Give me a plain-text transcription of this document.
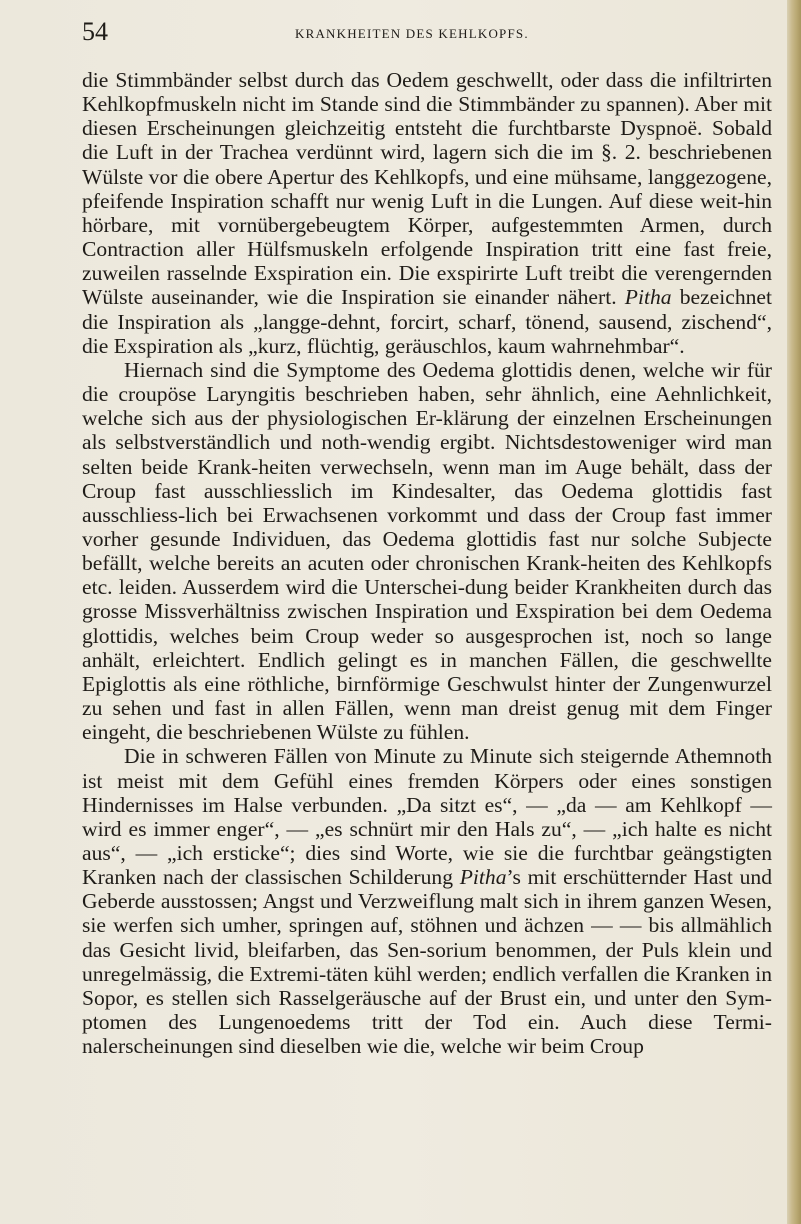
54	KRANKHEITEN DES KEHLKOPFS.

die Stimmbänder selbst durch das Oedem geschwellt, oder dass die infiltrirten Kehlkopfmuskeln nicht im Stande sind die Stimmbänder zu spannen). Aber mit diesen Erscheinungen gleichzeitig entsteht die furchtbarste Dyspnoë. Sobald die Luft in der Trachea verdünnt wird, lagern sich die im §. 2. beschriebenen Wülste vor die obere Apertur des Kehlkopfs, und eine mühsame, langgezogene, pfeifende Inspiration schafft nur wenig Luft in die Lungen. Auf diese weit-hin hörbare, mit vornübergebeugtem Körper, aufgestemmten Armen, durch Contraction aller Hülfsmuskeln erfolgende Inspiration tritt eine fast freie, zuweilen rasselnde Exspiration ein. Die exspirirte Luft treibt die verengernden Wülste auseinander, wie die Inspiration sie einander nähert. Pitha bezeichnet die Inspiration als „langge-dehnt, forcirt, scharf, tönend, sausend, zischend“, die Exspiration als „kurz, flüchtig, geräuschlos, kaum wahrnehmbar“.

Hiernach sind die Symptome des Oedema glottidis denen, welche wir für die croupöse Laryngitis beschrieben haben, sehr ähnlich, eine Aehnlichkeit, welche sich aus der physiologischen Er-klärung der einzelnen Erscheinungen als selbstverständlich und noth-wendig ergibt. Nichtsdestoweniger wird man selten beide Krank-heiten verwechseln, wenn man im Auge behält, dass der Croup fast ausschliesslich im Kindesalter, das Oedema glottidis fast ausschliess-lich bei Erwachsenen vorkommt und dass der Croup fast immer vorher gesunde Individuen, das Oedema glottidis fast nur solche Subjecte befällt, welche bereits an acuten oder chronischen Krank-heiten des Kehlkopfs etc. leiden. Ausserdem wird die Unterschei-dung beider Krankheiten durch das grosse Missverhältniss zwischen Inspiration und Exspiration bei dem Oedema glottidis, welches beim Croup weder so ausgesprochen ist, noch so lange anhält, erleichtert. Endlich gelingt es in manchen Fällen, die geschwellte Epiglottis als eine röthliche, birnförmige Geschwulst hinter der Zungenwurzel zu sehen und fast in allen Fällen, wenn man dreist genug mit dem Finger eingeht, die beschriebenen Wülste zu fühlen.

Die in schweren Fällen von Minute zu Minute sich steigernde Athemnoth ist meist mit dem Gefühl eines fremden Körpers oder eines sonstigen Hindernisses im Halse verbunden. „Da sitzt es“, — „da — am Kehlkopf — wird es immer enger“, — „es schnürt mir den Hals zu“, — „ich halte es nicht aus“, — „ich ersticke“; dies sind Worte, wie sie die furchtbar geängstigten Kranken nach der classischen Schilderung Pitha’s mit erschütternder Hast und Geberde ausstossen; Angst und Verzweiflung malt sich in ihrem ganzen Wesen, sie werfen sich umher, springen auf, stöhnen und ächzen — — bis allmählich das Gesicht livid, bleifarben, das Sen-sorium benommen, der Puls klein und unregelmässig, die Extremi-täten kühl werden; endlich verfallen die Kranken in Sopor, es stellen sich Rasselgeräusche auf der Brust ein, und unter den Sym-ptomen des Lungenoedems tritt der Tod ein. Auch diese Termi-nalerscheinungen sind dieselben wie die, welche wir beim Croup
